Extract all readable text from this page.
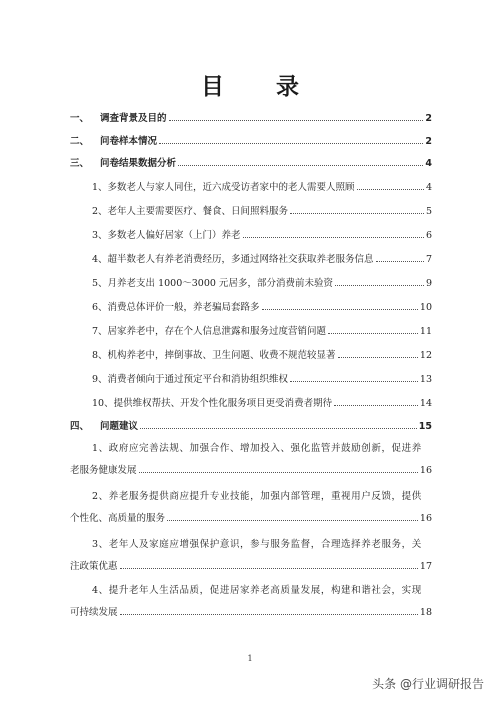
目 录
一、	调查背景及目的	2
二、	问卷样本情况	2
三、	问卷结果数据分析	4
1、多数老人与家人同住，近六成受访者家中的老人需要人照顾	4
2、老年人主要需要医疗、餐食、日间照料服务	5
3、多数老人偏好居家（上门）养老	6
4、超半数老人有养老消费经历，多通过网络社交获取养老服务信息	7
5、月养老支出 1000～3000 元居多，部分消费前未验资	9
6、消费总体评价一般，养老骗局套路多	10
7、居家养老中，存在个人信息泄露和服务过度营销问题	11
8、机构养老中，摔倒事故、卫生问题、收费不规范较显著	12
9、消费者倾向于通过预定平台和消协组织维权	13
10、提供维权帮扶、开发个性化服务项目更受消费者期待	14
四、	问题建议	15
1、政府应完善法规、加强合作、增加投入、强化监管并鼓励创新，促进养
老服务健康发展	16
2、养老服务提供商应提升专业技能，加强内部管理，重视用户反馈，提供
个性化、高质量的服务	16
3、老年人及家庭应增强保护意识，参与服务监督，合理选择养老服务，关
注政策优惠	17
4、提升老年人生活品质，促进居家养老高质量发展，构建和谐社会，实现
可持续发展	18
1
头条 @行业调研报告
